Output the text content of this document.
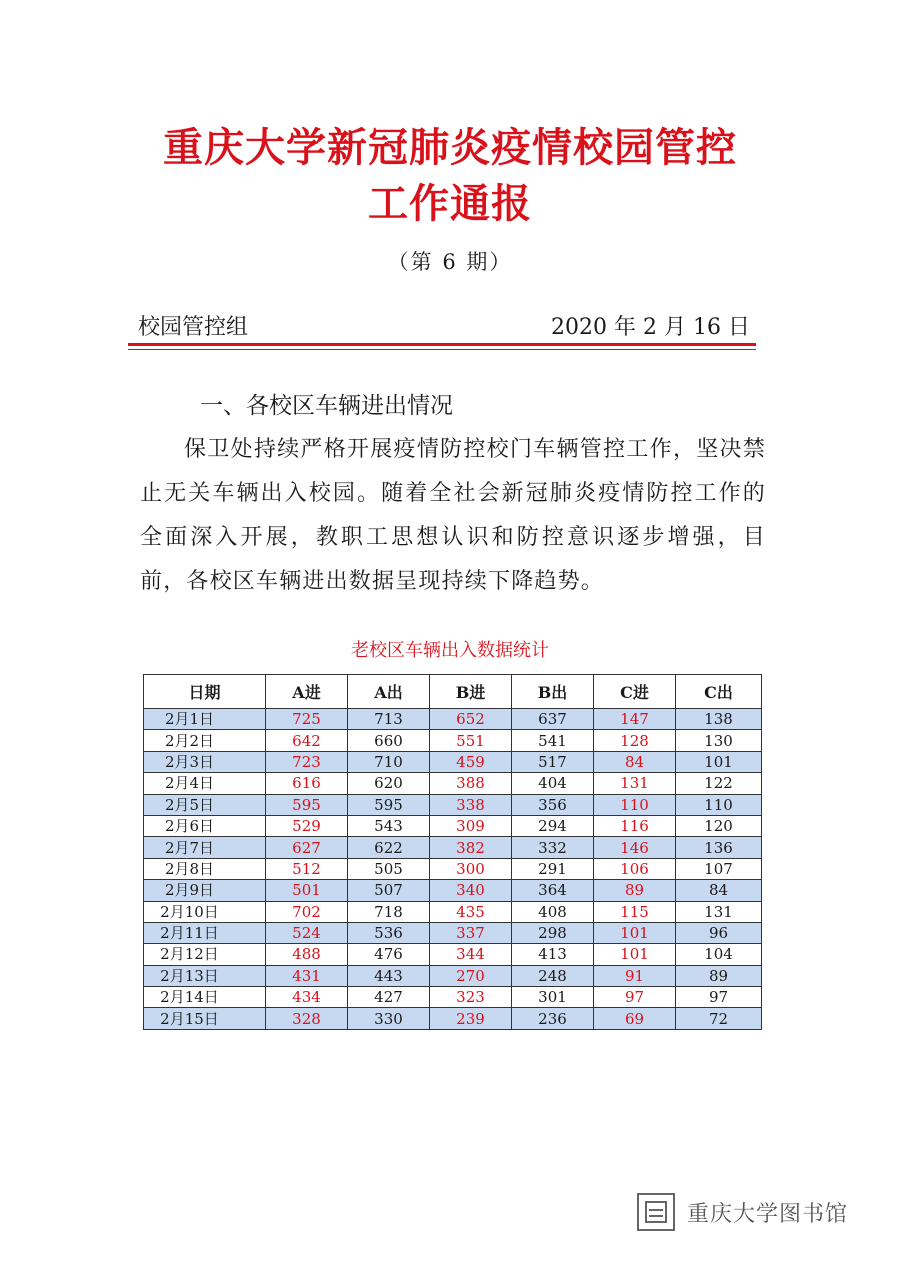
重庆大学新冠肺炎疫情校园管控
工作通报
（第 6 期）
校园管控组	2020 年 2 月 16 日
一、各校区车辆进出情况
保卫处持续严格开展疫情防控校门车辆管控工作，坚决禁止无关车辆出入校园。随着全社会新冠肺炎疫情防控工作的全面深入开展，教职工思想认识和防控意识逐步增强，目前，各校区车辆进出数据呈现持续下降趋势。
老校区车辆出入数据统计
日期	A进	A出	B进	B出	C进	C出
2月1日	725	713	652	637	147	138
2月2日	642	660	551	541	128	130
2月3日	723	710	459	517	84	101
2月4日	616	620	388	404	131	122
2月5日	595	595	338	356	110	110
2月6日	529	543	309	294	116	120
2月7日	627	622	382	332	146	136
2月8日	512	505	300	291	106	107
2月9日	501	507	340	364	89	84
2月10日	702	718	435	408	115	131
2月11日	524	536	337	298	101	96
2月12日	488	476	344	413	101	104
2月13日	431	443	270	248	91	89
2月14日	434	427	323	301	97	97
2月15日	328	330	239	236	69	72
重庆大学图书馆
